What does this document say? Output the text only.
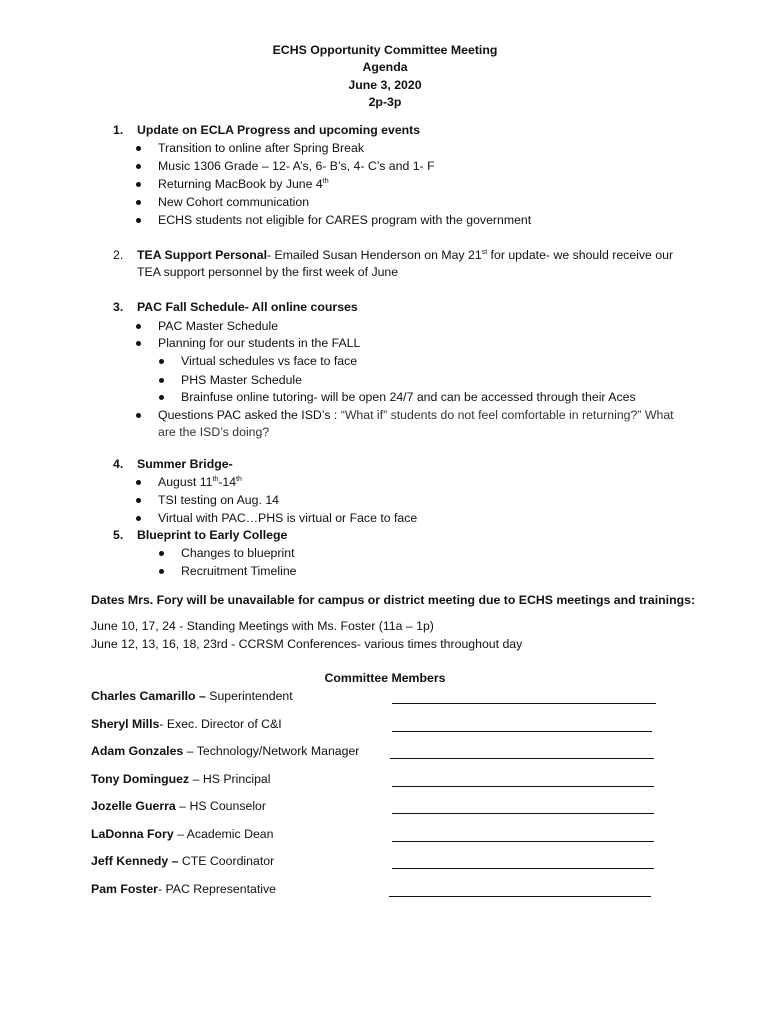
ECHS Opportunity Committee Meeting
Agenda
June 3, 2020
2p-3p
1. Update on ECLA Progress and upcoming events
Transition to online after Spring Break
Music 1306 Grade – 12- A’s, 6- B’s, 4- C’s and 1- F
Returning MacBook by June 4th
New Cohort communication
ECHS students not eligible for CARES program with the government
2. TEA Support Personal- Emailed Susan Henderson on May 21st for update- we should receive our
TEA support personnel by the first week of June
3. PAC Fall Schedule- All online courses
PAC Master Schedule
Planning for our students in the FALL
Virtual schedules vs face to face
PHS Master Schedule
Brainfuse online tutoring- will be open 24/7 and can be accessed through their Aces
Questions PAC asked the ISD’s : “What if” students do not feel comfortable in returning?” What
are the ISD’s doing?
4. Summer Bridge-
August 11th-14th
TSI testing on Aug. 14
Virtual with PAC…PHS is virtual or Face to face
5. Blueprint to Early College
Changes to blueprint
Recruitment Timeline
Dates Mrs. Fory will be unavailable for campus or district meeting due to ECHS meetings and trainings:
June 10, 17, 24 - Standing Meetings with Ms. Foster (11a – 1p)
June 12, 13, 16, 18, 23rd - CCRSM Conferences- various times throughout day
Committee Members
Charles Camarillo – Superintendent
Sheryl Mills- Exec. Director of C&I
Adam Gonzales – Technology/Network Manager
Tony Dominguez – HS Principal
Jozelle Guerra – HS Counselor
LaDonna Fory – Academic Dean
Jeff Kennedy – CTE Coordinator
Pam Foster- PAC Representative
